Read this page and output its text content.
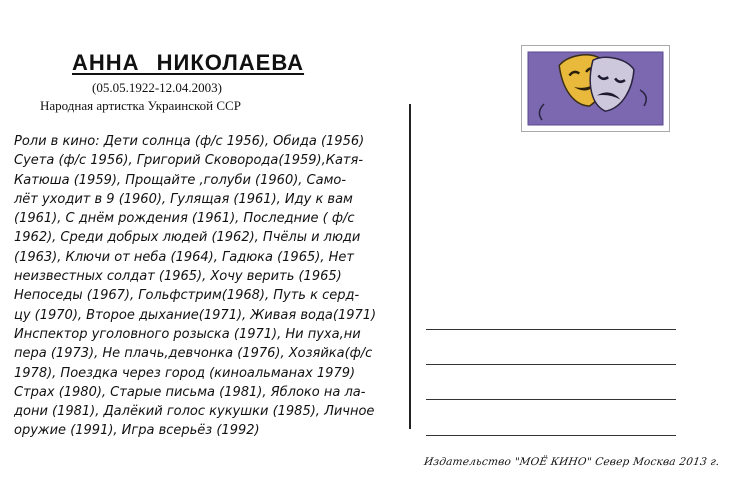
АННА НИКОЛАЕВА
(05.05.1922-12.04.2003)
Народная артистка Украинской ССР
Роли в кино: Дети солнца (ф/с 1956), Обида (1956)
Суета (ф/с 1956), Григорий Сковорода(1959),Катя-
Катюша (1959), Прощайте ,голуби (1960), Само-
лёт уходит в 9 (1960), Гулящая (1961), Иду к вам
(1961), С днём рождения (1961), Последние ( ф/с
1962), Среди добрых людей (1962), Пчёлы и люди
(1963), Ключи от неба (1964), Гадюка (1965), Нет
неизвестных солдат (1965), Хочу верить (1965)
Непоседы (1967), Гольфстрим(1968), Путь к серд-
цу (1970), Второе дыхание(1971), Живая вода(1971)
Инспектор уголовного розыска (1971), Ни пуха,ни
пера (1973), Не плачь,девчонка (1976), Хозяйка(ф/с
1978), Поездка через город (киноальманах 1979)
Страх (1980), Старые письма (1981), Яблоко на ла-
дони (1981), Далёкий голос кукушки (1985), Личное
оружие (1991), Игра всерьёз (1992)
Издательство "МОЁ КИНО" Север Москва 2013 г.
